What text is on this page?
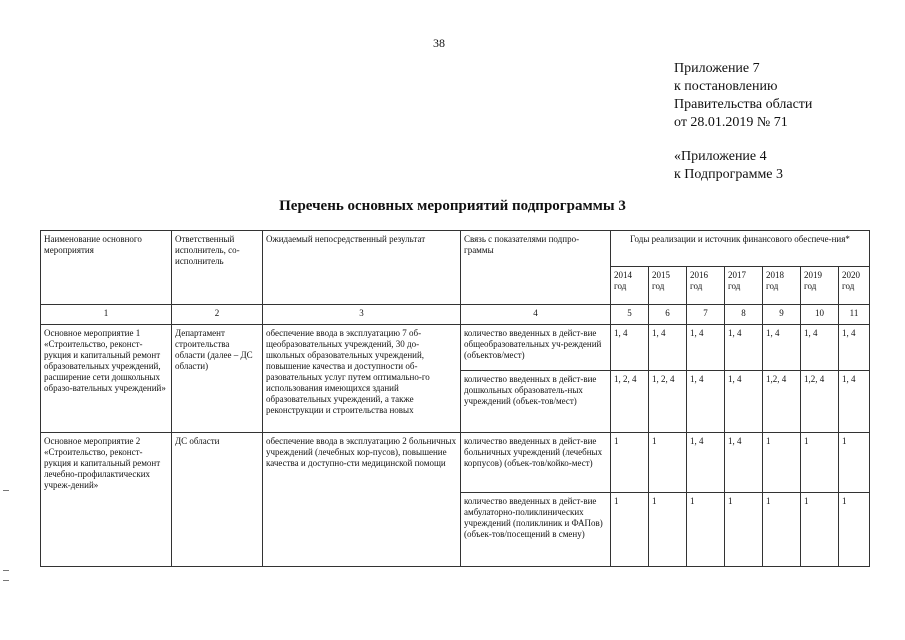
38
Приложение 7
к постановлению
Правительства области
от 28.01.2019 № 71
«Приложение 4
к Подпрограмме 3
Перечень основных мероприятий подпрограммы 3
Наименование основного мероприятия	Ответственный исполнитель, со-исполнитель	Ожидаемый непосредственный результат	Связь с показателями подпро-граммы	Годы реализации и источник финансового обеспече-ния*						
				2014 год	2015 год	2016 год	2017 год	2018 год	2019 год	2020 год
1	2	3	4	5	6	7	8	9	10	11
Основное мероприятие 1 «Строительство, реконст-рукция и капитальный ремонт образовательных учреждений, расширение сети дошкольных образо-вательных учреждений»	Департамент строительства области (далее – ДС области)	обеспечение ввода в эксплуатацию 7 об-щеобразовательных учреждений, 30 до-школьных образовательных учреждений, повышение качества и доступности об-разовательных услуг путем оптимально-го использования имеющихся зданий образовательных учреждений, а также реконструкции и строительства новых	количество введенных в дейст-вие общеобразовательных уч-реждений (объектов/мест)	1, 4	1, 4	1, 4	1, 4	1, 4	1, 4	1, 4
			количество введенных в дейст-вие дошкольных образователь-ных учреждений (объек-тов/мест)	1, 2, 4	1, 2, 4	1, 4	1, 4	1,2, 4	1,2, 4	1, 4
Основное мероприятие 2 «Строительство, реконст-рукция и капитальный ремонт лечебно-профилактических учреж-дений»	ДС области	обеспечение ввода в эксплуатацию 2 больничных учреждений (лечебных кор-пусов), повышение качества и доступно-сти медицинской помощи	количество введенных в дейст-вие больничных учреждений (лечебных корпусов) (объек-тов/койко-мест)	1	1	1, 4	1, 4	1	1	1
			количество введенных в дейст-вие амбулаторно-поликлинических учреждений (поликлиник и ФАПов) (объек-тов/посещений в смену)	1	1	1	1	1	1	1
